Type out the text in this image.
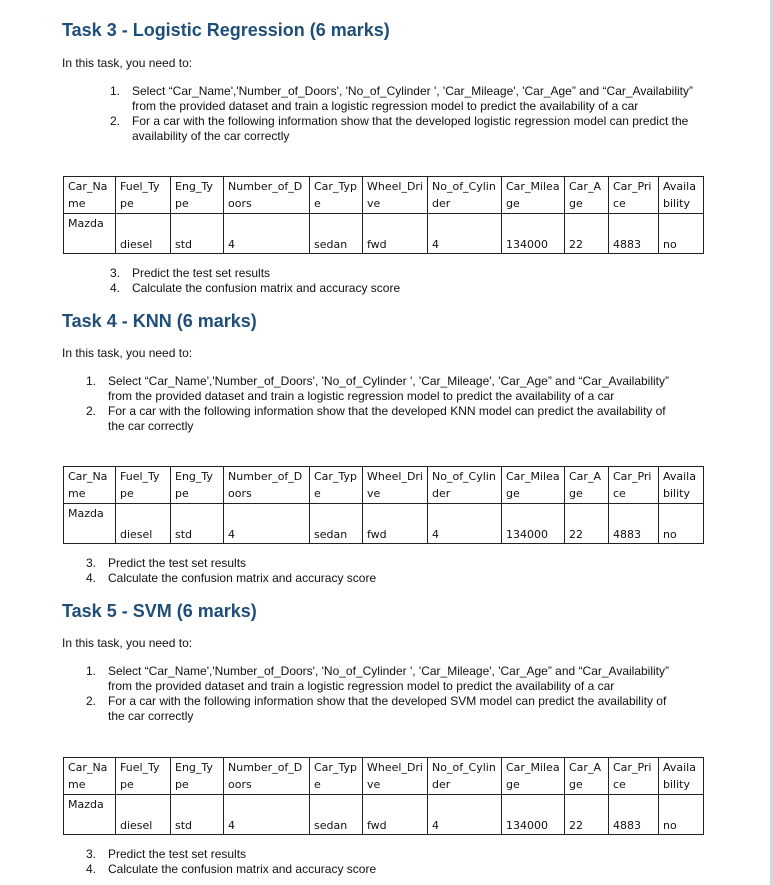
Task 3 - Logistic Regression (6 marks)

In this task, you need to:

1. Select “Car_Name','Number_of_Doors', 'No_of_Cylinder ', 'Car_Mileage', 'Car_Age” and “Car_Availability” from the provided dataset and train a logistic regression model to predict the availability of a car
2. For a car with the following information show that the developed logistic regression model can predict the availability of the car correctly
Car_Name	Fuel_Type	Eng_Type	Number_of_Doors	Car_Type	Wheel_Drive	No_of_Cylinder	Car_Mileage	Car_Age	Car_Price	Availability
Mazda	diesel	std	4	sedan	fwd	4	134000	22	4883	no
3. Predict the test set results
4. Calculate the confusion matrix and accuracy score
Task 4 - KNN (6 marks)

In this task, you need to:

1. Select “Car_Name','Number_of_Doors', 'No_of_Cylinder ', 'Car_Mileage', 'Car_Age” and “Car_Availability” from the provided dataset and train a logistic regression model to predict the availability of a car
2. For a car with the following information show that the developed KNN model can predict the availability of the car correctly
Car_Name	Fuel_Type	Eng_Type	Number_of_Doors	Car_Type	Wheel_Drive	No_of_Cylinder	Car_Mileage	Car_Age	Car_Price	Availability
Mazda	diesel	std	4	sedan	fwd	4	134000	22	4883	no
3. Predict the test set results
4. Calculate the confusion matrix and accuracy score
Task 5 - SVM (6 marks)

In this task, you need to:

1. Select “Car_Name','Number_of_Doors', 'No_of_Cylinder ', 'Car_Mileage', 'Car_Age” and “Car_Availability” from the provided dataset and train a logistic regression model to predict the availability of a car
2. For a car with the following information show that the developed SVM model can predict the availability of the car correctly
Car_Name	Fuel_Type	Eng_Type	Number_of_Doors	Car_Type	Wheel_Drive	No_of_Cylinder	Car_Mileage	Car_Age	Car_Price	Availability
Mazda	diesel	std	4	sedan	fwd	4	134000	22	4883	no
3. Predict the test set results
4. Calculate the confusion matrix and accuracy score
